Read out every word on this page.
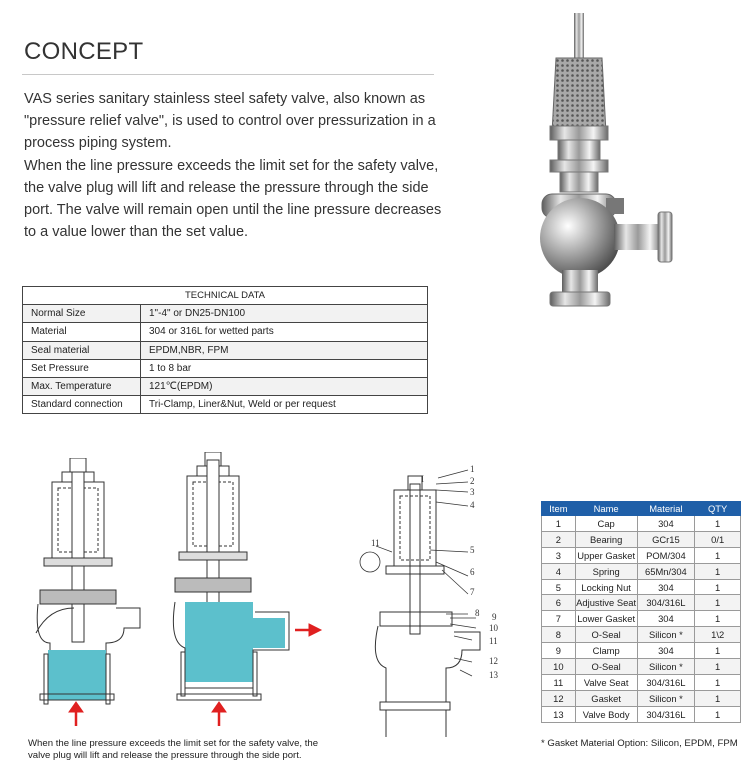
CONCEPT

VAS series sanitary stainless steel safety valve, also known as "pressure relief valve", is used to control over pressurization in a process piping system.

When the line pressure exceeds the limit set for the safety valve, the valve plug will lift and release the pressure through the side port. The valve will remain open until the line pressure decreases to a value lower than the set value.

TECHNICAL DATA	
Normal Size	1"-4" or DN25-DN100
Material	304 or 316L for wetted parts
Seal material	EPDM,NBR, FPM
Set Pressure	1 to 8 bar
Max. Temperature	121℃(EPDM)
Standard connection	Tri-Clamp, Liner&Nut, Weld or per request
I
11
1
2
3
4
5
6
7
8 9
10
11
12
13
When the line pressure exceeds the limit set for the safety valve, the valve plug will lift and release the pressure through the side port.
Item	Name	Material	QTY
1	Cap	304	1
2	Bearing	GCr15	0/1
3	Upper Gasket	POM/304	1
4	Spring	65Mn/304	1
5	Locking Nut	304	1
6	Adjustive Seat	304/316L	1
7	Lower Gasket	304	1
8	O-Seal	Silicon *	1\2
9	Clamp	304	1
10	O-Seal	Silicon *	1
11	Valve Seat	304/316L	1
12	Gasket	Silicon *	1
13	Valve Body	304/316L	1
* Gasket Material Option: Silicon, EPDM, FPM
